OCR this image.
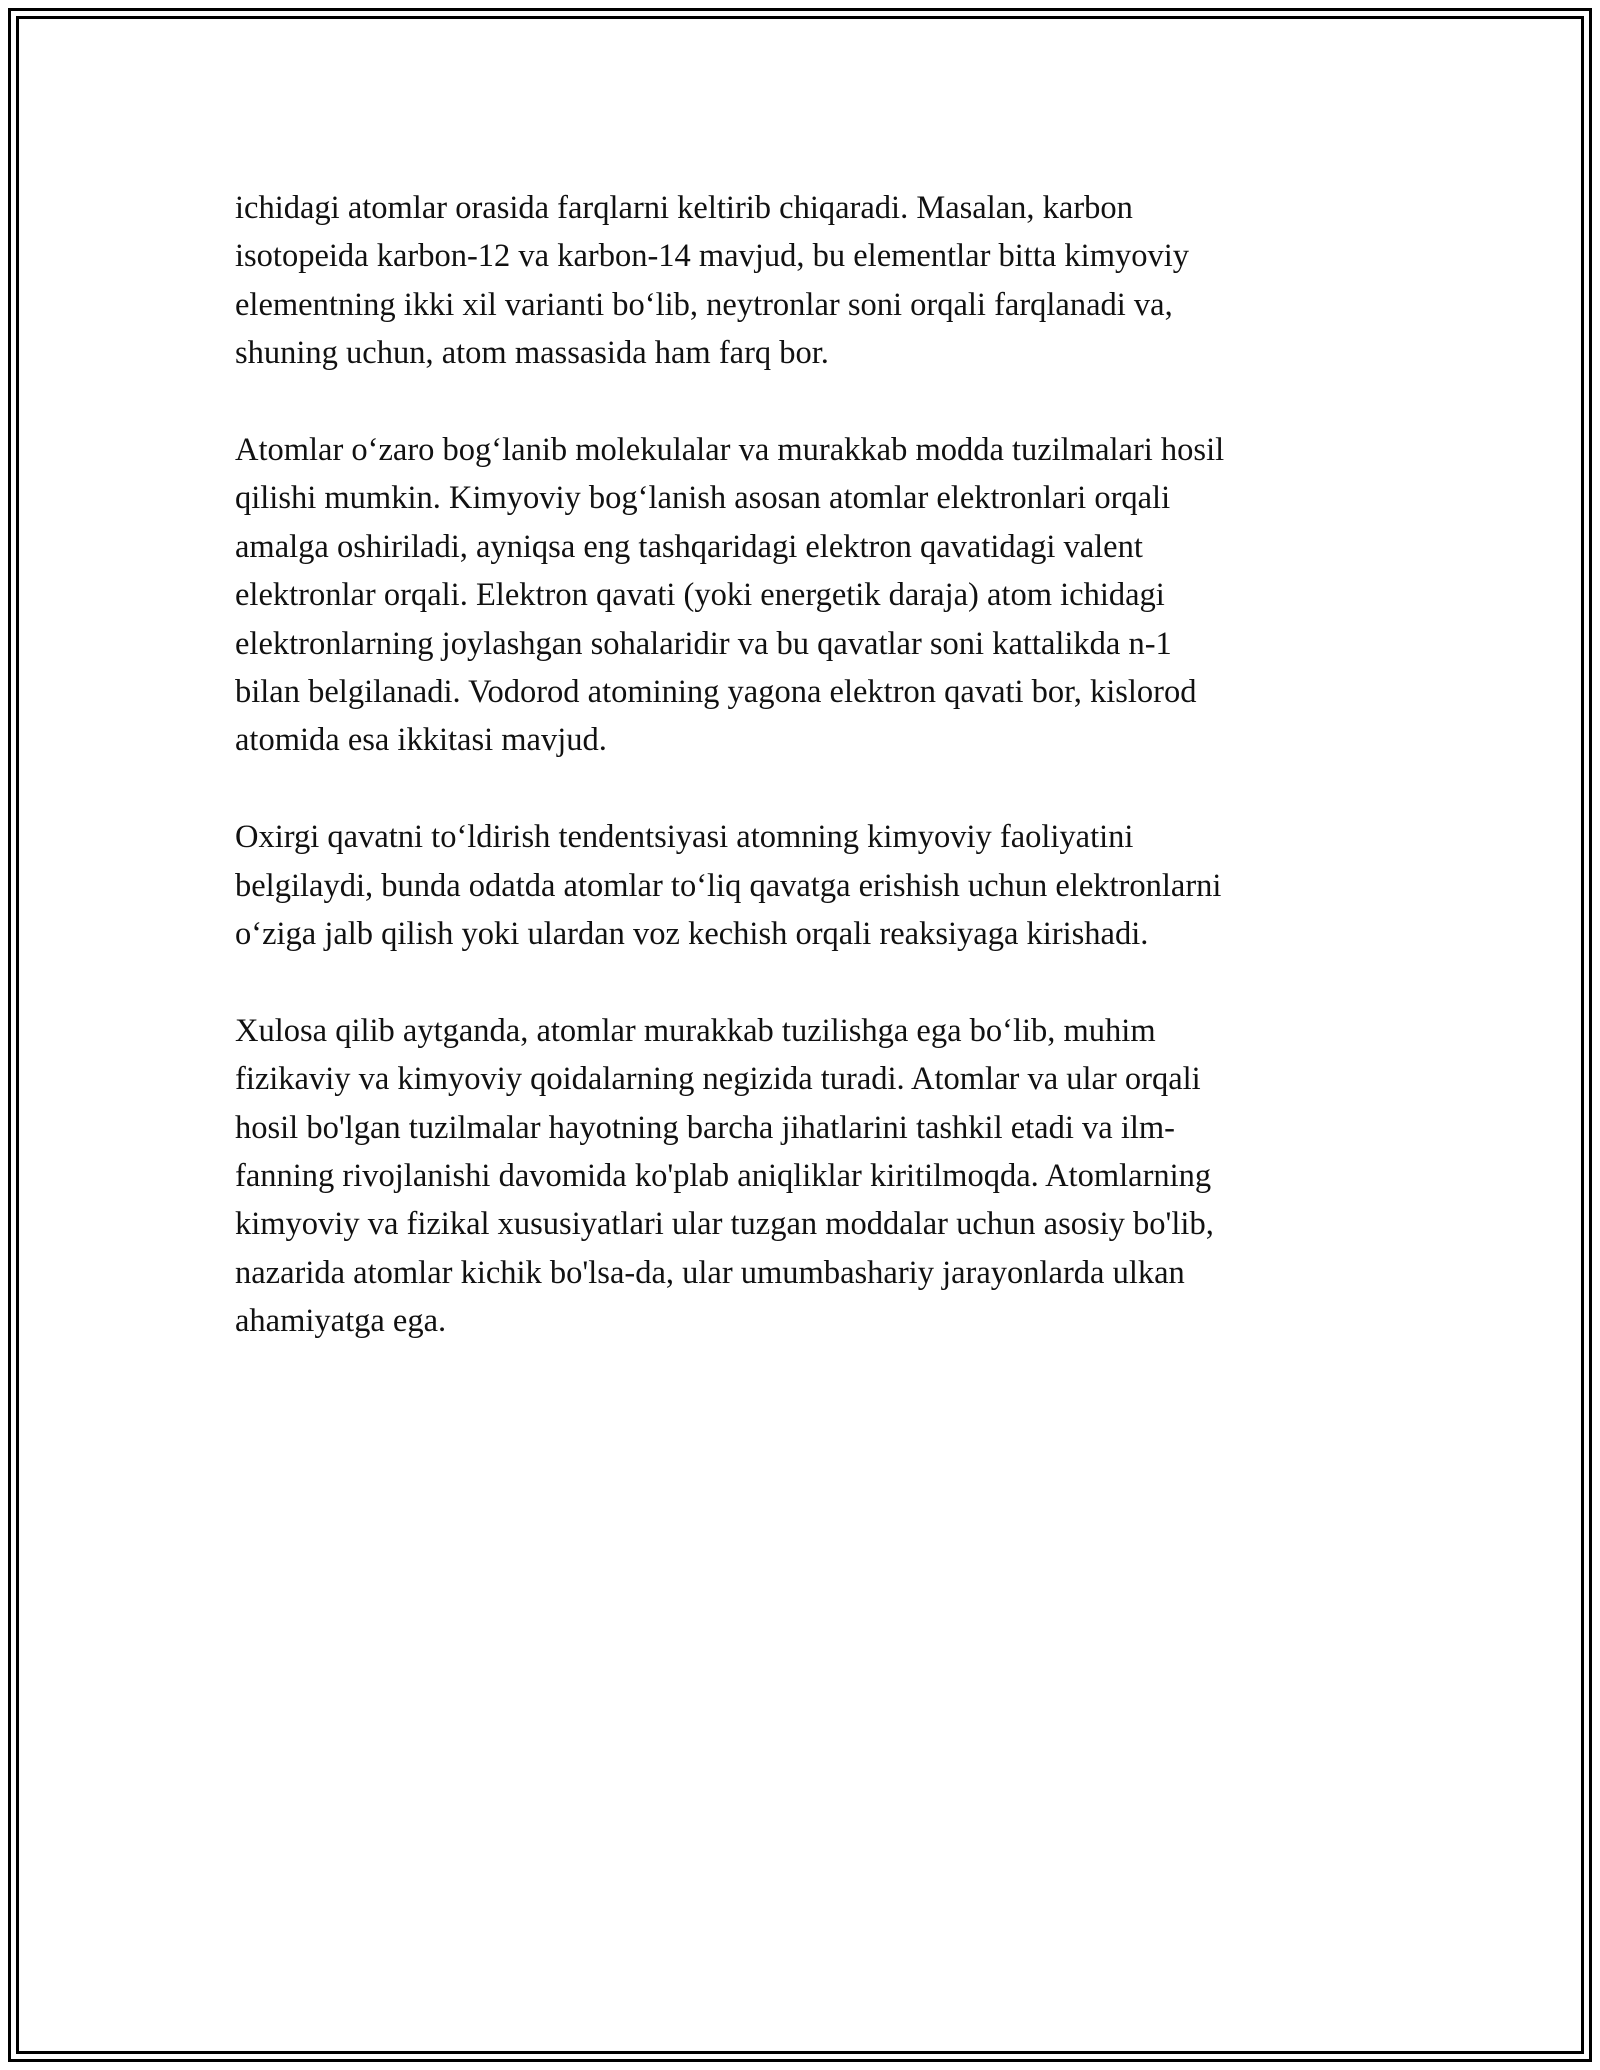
ichidagi atomlar orasida farqlarni keltirib chiqaradi. Masalan, karbon
isotopeida karbon-12 va karbon-14 mavjud, bu elementlar bitta kimyoviy
elementning ikki xil varianti bo‘lib, neytronlar soni orqali farqlanadi va,
shuning uchun, atom massasida ham farq bor.

Atomlar o‘zaro bog‘lanib molekulalar va murakkab modda tuzilmalari hosil
qilishi mumkin. Kimyoviy bog‘lanish asosan atomlar elektronlari orqali
amalga oshiriladi, ayniqsa eng tashqaridagi elektron qavatidagi valent
elektronlar orqali. Elektron qavati (yoki energetik daraja) atom ichidagi
elektronlarning joylashgan sohalaridir va bu qavatlar soni kattalikda n-1
bilan belgilanadi. Vodorod atomining yagona elektron qavati bor, kislorod
atomida esa ikkitasi mavjud.

Oxirgi qavatni to‘ldirish tendentsiyasi atomning kimyoviy faoliyatini
belgilaydi, bunda odatda atomlar to‘liq qavatga erishish uchun elektronlarni
o‘ziga jalb qilish yoki ulardan voz kechish orqali reaksiyaga kirishadi.

Xulosa qilib aytganda, atomlar murakkab tuzilishga ega bo‘lib, muhim
fizikaviy va kimyoviy qoidalarning negizida turadi. Atomlar va ular orqali
hosil bo'lgan tuzilmalar hayotning barcha jihatlarini tashkil etadi va ilm-
fanning rivojlanishi davomida ko'plab aniqliklar kiritilmoqda. Atomlarning
kimyoviy va fizikal xususiyatlari ular tuzgan moddalar uchun asosiy bo'lib,
nazarida atomlar kichik bo'lsa-da, ular umumbashariy jarayonlarda ulkan
ahamiyatga ega.
